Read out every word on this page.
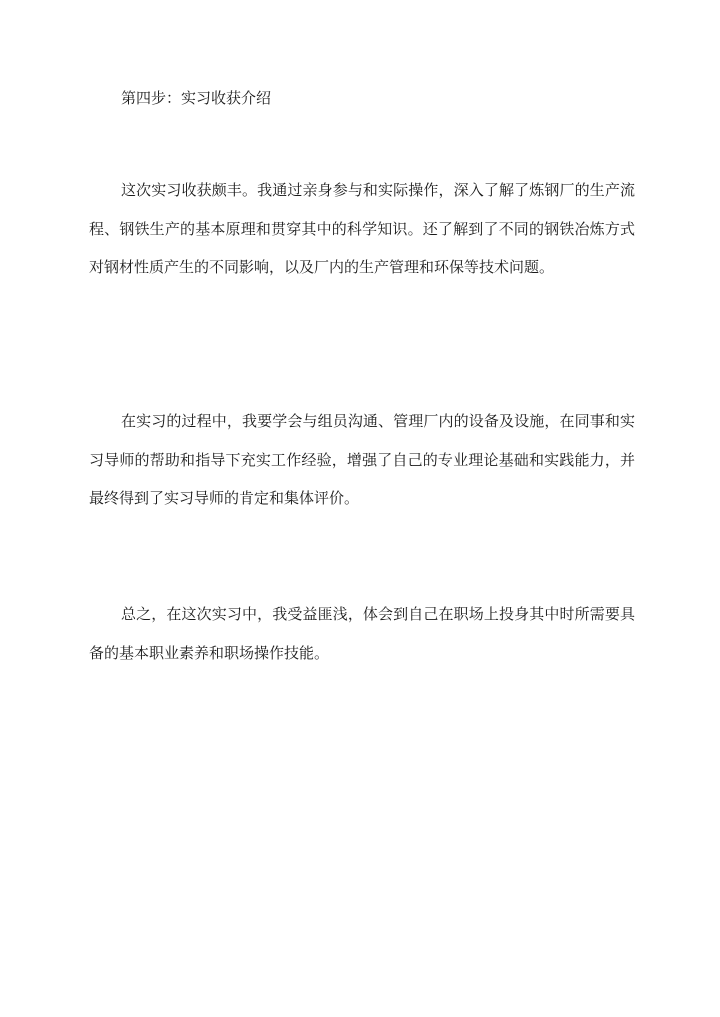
第四步：实习收获介绍

这次实习收获颇丰。我通过亲身参与和实际操作，深入了解了炼钢厂的生产流程、钢铁生产的基本原理和贯穿其中的科学知识。还了解到了不同的钢铁冶炼方式对钢材性质产生的不同影响，以及厂内的生产管理和环保等技术问题。

在实习的过程中，我要学会与组员沟通、管理厂内的设备及设施，在同事和实习导师的帮助和指导下充实工作经验，增强了自己的专业理论基础和实践能力，并最终得到了实习导师的肯定和集体评价。

总之，在这次实习中，我受益匪浅，体会到自己在职场上投身其中时所需要具备的基本职业素养和职场操作技能。
